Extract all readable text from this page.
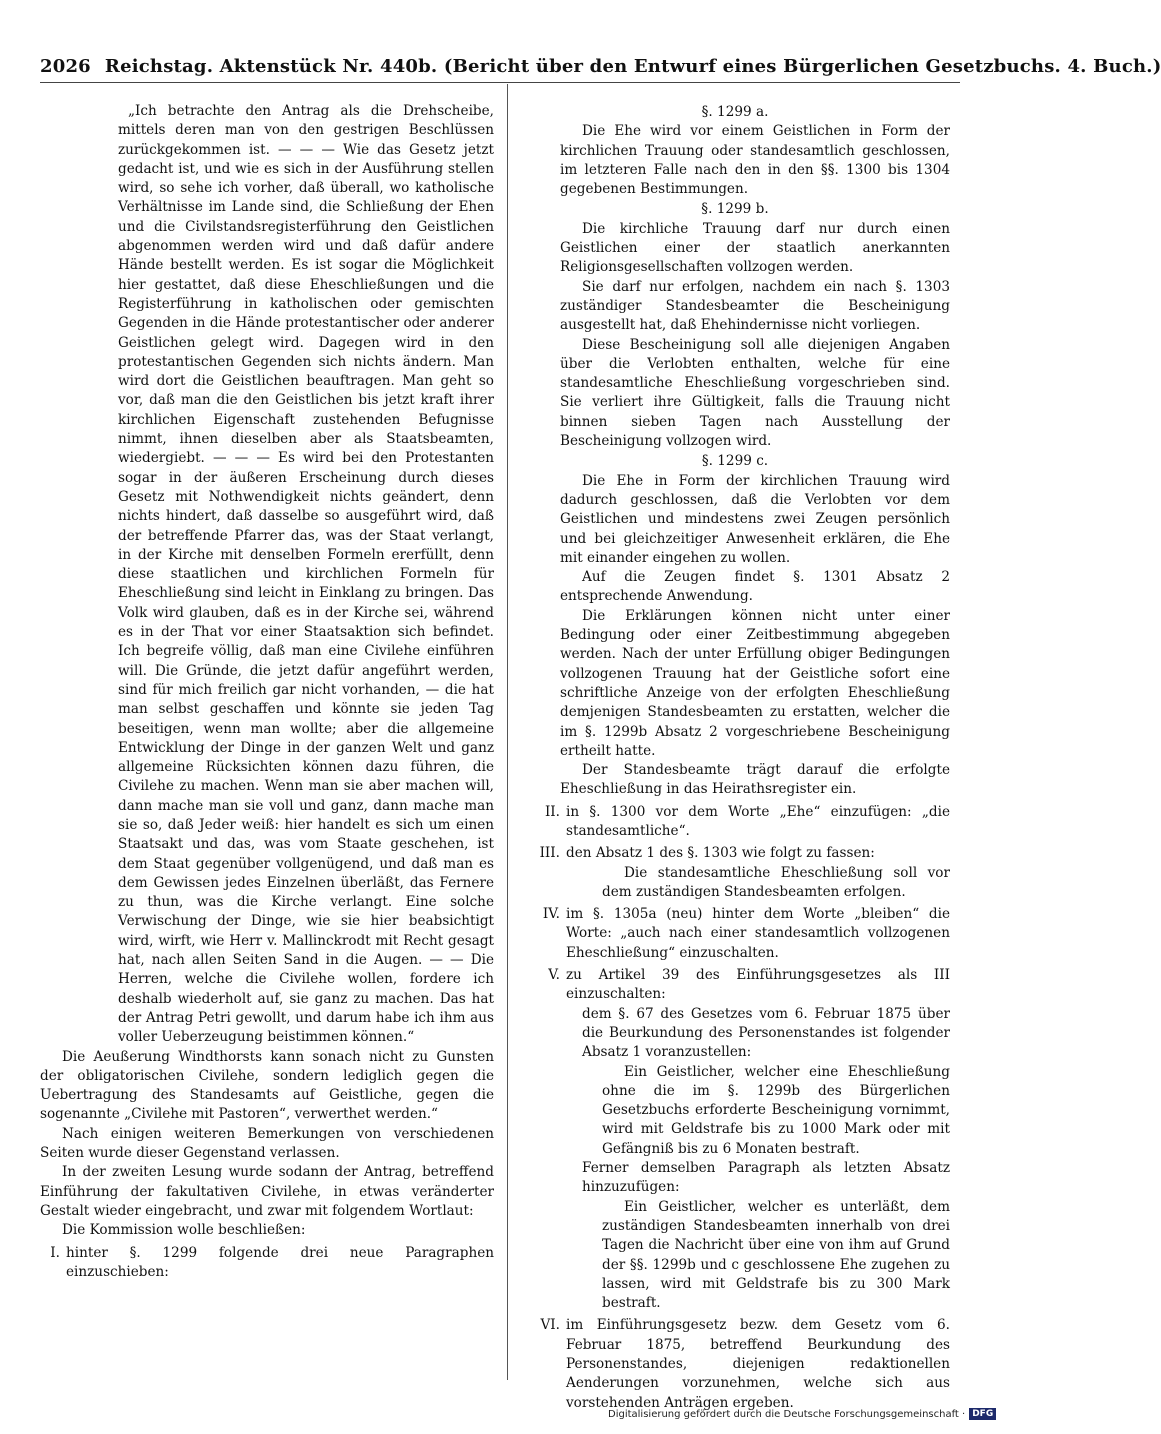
2026 Reichstag. Aktenstück Nr. 440b. (Bericht über den Entwurf eines Bürgerlichen Gesetzbuchs. 4. Buch.)

„Ich betrachte den Antrag als die Drehscheibe, mittels deren man von den gestrigen Beschlüssen zurückgekommen ist. — — — Wie das Gesetz jetzt gedacht ist, und wie es sich in der Ausführung stellen wird, so sehe ich vorher, daß überall, wo katholische Verhältnisse im Lande sind, die Schließung der Ehen und die Civilstandsregisterführung den Geistlichen abgenommen werden wird und daß dafür andere Hände bestellt werden. Es ist sogar die Möglichkeit hier gestattet, daß diese Eheschließungen und die Registerführung in katholischen oder gemischten Gegenden in die Hände protestantischer oder anderer Geistlichen gelegt wird. Dagegen wird in den protestantischen Gegenden sich nichts ändern. Man wird dort die Geistlichen beauftragen. Man geht so vor, daß man die den Geistlichen bis jetzt kraft ihrer kirchlichen Eigenschaft zustehenden Befugnisse nimmt, ihnen dieselben aber als Staatsbeamten, wiedergiebt. — — — Es wird bei den Protestanten sogar in der äußeren Erscheinung durch dieses Gesetz mit Nothwendigkeit nichts geändert, denn nichts hindert, daß dasselbe so ausgeführt wird, daß der betreffende Pfarrer das, was der Staat verlangt, in der Kirche mit denselben Formeln ererfüllt, denn diese staatlichen und kirchlichen Formeln für Eheschließung sind leicht in Einklang zu bringen. Das Volk wird glauben, daß es in der Kirche sei, während es in der That vor einer Staatsaktion sich befindet. Ich begreife völlig, daß man eine Civilehe einführen will. Die Gründe, die jetzt dafür angeführt werden, sind für mich freilich gar nicht vorhanden, — die hat man selbst geschaffen und könnte sie jeden Tag beseitigen, wenn man wollte; aber die allgemeine Entwicklung der Dinge in der ganzen Welt und ganz allgemeine Rücksichten können dazu führen, die Civilehe zu machen. Wenn man sie aber machen will, dann mache man sie voll und ganz, dann mache man sie so, daß Jeder weiß: hier handelt es sich um einen Staatsakt und das, was vom Staate geschehen, ist dem Staat gegenüber vollgenügend, und daß man es dem Gewissen jedes Einzelnen überläßt, das Fernere zu thun, was die Kirche verlangt. Eine solche Verwischung der Dinge, wie sie hier beabsichtigt wird, wirft, wie Herr v. Mallinckrodt mit Recht gesagt hat, nach allen Seiten Sand in die Augen. — — Die Herren, welche die Civilehe wollen, fordere ich deshalb wiederholt auf, sie ganz zu machen. Das hat der Antrag Petri gewollt, und darum habe ich ihm aus voller Ueberzeugung beistimmen können.“

Die Aeußerung Windthorsts kann sonach nicht zu Gunsten der obligatorischen Civilehe, sondern lediglich gegen die Uebertragung des Standesamts auf Geistliche, gegen die sogenannte „Civilehe mit Pastoren“, verwerthet werden.“

Nach einigen weiteren Bemerkungen von verschiedenen Seiten wurde dieser Gegenstand verlassen.

In der zweiten Lesung wurde sodann der Antrag, betreffend Einführung der fakultativen Civilehe, in etwas veränderter Gestalt wieder eingebracht, und zwar mit folgendem Wortlaut:

Die Kommission wolle beschließen:

I. hinter §. 1299 folgende drei neue Paragraphen einzuschieben:

§. 1299 a.

Die Ehe wird vor einem Geistlichen in Form der kirchlichen Trauung oder standesamtlich geschlossen, im letzteren Falle nach den in den §§. 1300 bis 1304 gegebenen Bestimmungen.

§. 1299 b.

Die kirchliche Trauung darf nur durch einen Geistlichen einer der staatlich anerkannten Religionsgesellschaften vollzogen werden.

Sie darf nur erfolgen, nachdem ein nach §. 1303 zuständiger Standesbeamter die Bescheinigung ausgestellt hat, daß Ehehindernisse nicht vorliegen.

Diese Bescheinigung soll alle diejenigen Angaben über die Verlobten enthalten, welche für eine standesamtliche Eheschließung vorgeschrieben sind. Sie verliert ihre Gültigkeit, falls die Trauung nicht binnen sieben Tagen nach Ausstellung der Bescheinigung vollzogen wird.

§. 1299 c.

Die Ehe in Form der kirchlichen Trauung wird dadurch geschlossen, daß die Verlobten vor dem Geistlichen und mindestens zwei Zeugen persönlich und bei gleichzeitiger Anwesenheit erklären, die Ehe mit einander eingehen zu wollen.

Auf die Zeugen findet §. 1301 Absatz 2 entsprechende Anwendung.

Die Erklärungen können nicht unter einer Bedingung oder einer Zeitbestimmung abgegeben werden. Nach der unter Erfüllung obiger Bedingungen vollzogenen Trauung hat der Geistliche sofort eine schriftliche Anzeige von der erfolgten Eheschließung demjenigen Standesbeamten zu erstatten, welcher die im §. 1299b Absatz 2 vorgeschriebene Bescheinigung ertheilt hatte.

Der Standesbeamte trägt darauf die erfolgte Eheschließung in das Heirathsregister ein.

II. in §. 1300 vor dem Worte „Ehe“ einzufügen: „die standesamtliche“.

III. den Absatz 1 des §. 1303 wie folgt zu fassen:

Die standesamtliche Eheschließung soll vor dem zuständigen Standesbeamten erfolgen.

IV. im §. 1305a (neu) hinter dem Worte „bleiben“ die Worte: „auch nach einer standesamtlich vollzogenen Eheschließung“ einzuschalten.

V. zu Artikel 39 des Einführungsgesetzes als III einzuschalten:

dem §. 67 des Gesetzes vom 6. Februar 1875 über die Beurkundung des Personenstandes ist folgender Absatz 1 voranzustellen:

Ein Geistlicher, welcher eine Eheschließung ohne die im §. 1299b des Bürgerlichen Gesetzbuchs erforderte Bescheinigung vornimmt, wird mit Geldstrafe bis zu 1000 Mark oder mit Gefängniß bis zu 6 Monaten bestraft.

Ferner demselben Paragraph als letzten Absatz hinzuzufügen:

Ein Geistlicher, welcher es unterläßt, dem zuständigen Standesbeamten innerhalb von drei Tagen die Nachricht über eine von ihm auf Grund der §§. 1299b und c geschlossene Ehe zugehen zu lassen, wird mit Geldstrafe bis zu 300 Mark bestraft.

VI. im Einführungsgesetz bezw. dem Gesetz vom 6. Februar 1875, betreffend Beurkundung des Personenstandes, diejenigen redaktionellen Aenderungen vorzunehmen, welche sich aus vorstehenden Anträgen ergeben.

Digitalisierung gefördert durch die Deutsche Forschungsgemeinschaft · DFG
